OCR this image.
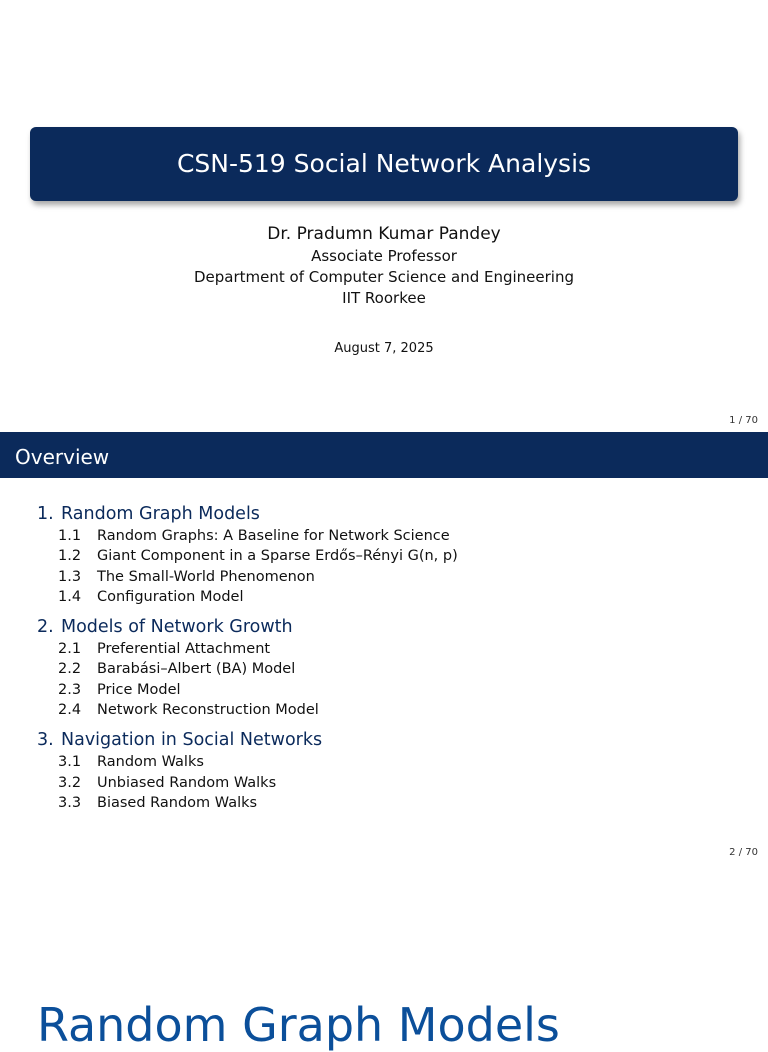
CSN-519 Social Network Analysis
Dr. Pradumn Kumar Pandey
Associate Professor
Department of Computer Science and Engineering
IIT Roorkee
August 7, 2025
1 / 70
Overview
1. Random Graph Models
1.1 Random Graphs: A Baseline for Network Science
1.2 Giant Component in a Sparse Erdős–Rényi G(n, p)
1.3 The Small-World Phenomenon
1.4 Configuration Model
2. Models of Network Growth
2.1 Preferential Attachment
2.2 Barabási–Albert (BA) Model
2.3 Price Model
2.4 Network Reconstruction Model
3. Navigation in Social Networks
3.1 Random Walks
3.2 Unbiased Random Walks
3.3 Biased Random Walks
2 / 70
Random Graph Models
